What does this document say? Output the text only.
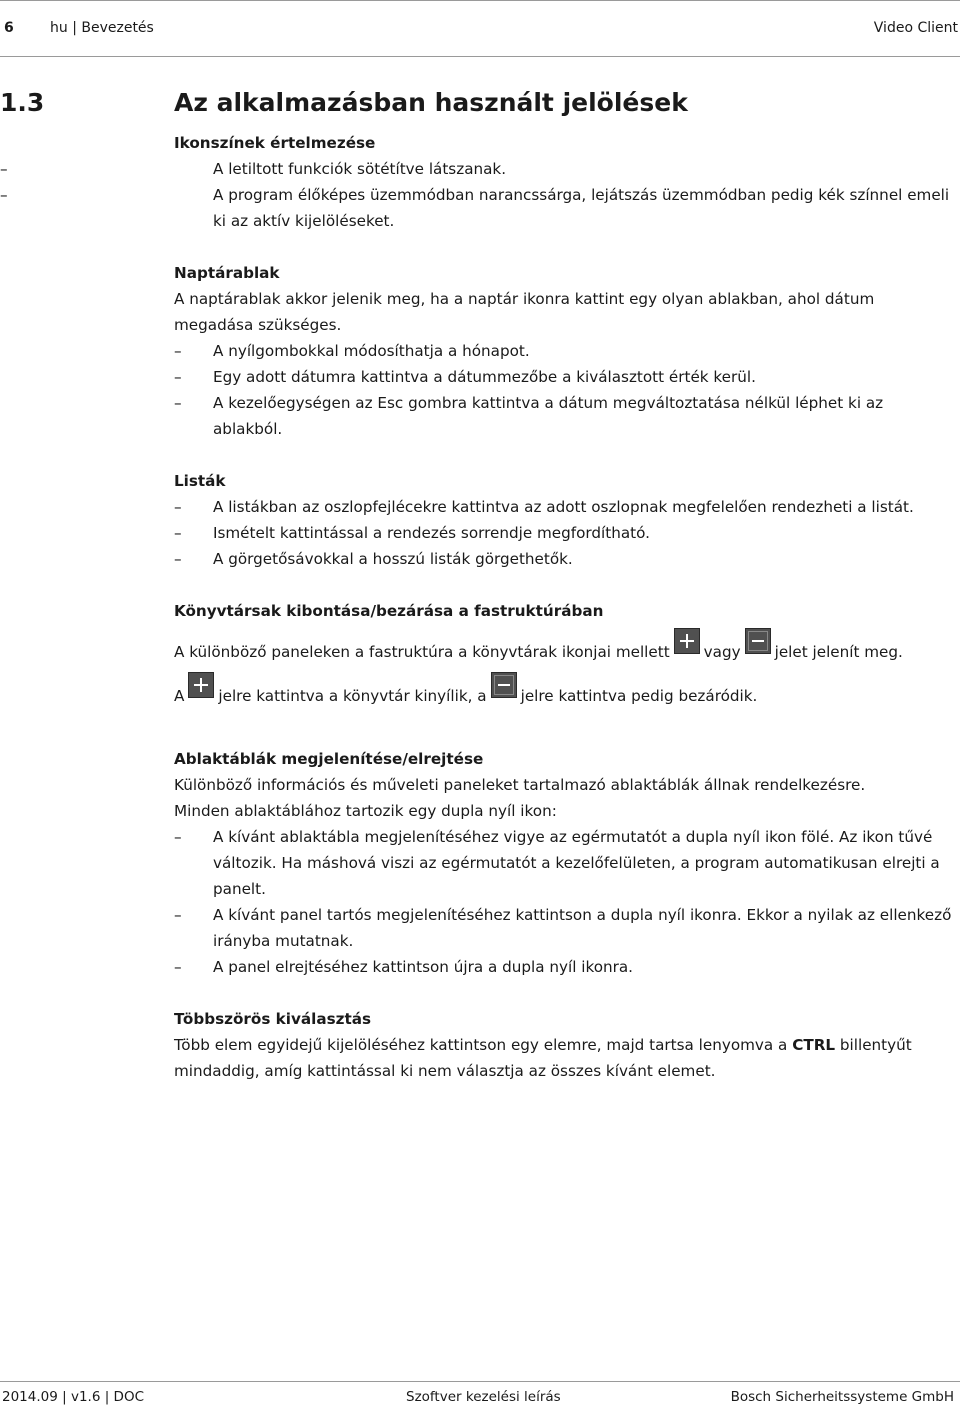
6	hu | Bevezetés	Video Client
1.3	Az alkalmazásban használt jelölések

Ikonszínek értelmezése

–	A letiltott funkciók sötétítve látszanak.
–	A program élőképes üzemmódban narancssárga, lejátszás üzemmódban pedig kék színnel emeli ki az aktív kijelöléseket.

Naptárablak

A naptárablak akkor jelenik meg, ha a naptár ikonra kattint egy olyan ablakban, ahol dátum megadása szükséges.

– A nyílgombokkal módosíthatja a hónapot.
– Egy adott dátumra kattintva a dátummezőbe a kiválasztott érték kerül.
– A kezelőegységen az Esc gombra kattintva a dátum megváltoztatása nélkül léphet ki az ablakból.

Listák

– A listákban az oszlopfejlécekre kattintva az adott oszlopnak megfelelően rendezheti a listát.
– Ismételt kattintással a rendezés sorrendje megfordítható.
– A görgetősávokkal a hosszú listák görgethetők.

Könyvtársak kibontása/bezárása a fastruktúrában

A különböző paneleken a fastruktúra a könyvtárak ikonjai mellett vagy jelet jelenít meg.

A jelre kattintva a könyvtár kinyílik, a jelre kattintva pedig bezáródik.

Ablaktáblák megjelenítése/elrejtése

Különböző információs és műveleti paneleket tartalmazó ablaktáblák állnak rendelkezésre.

Minden ablaktáblához tartozik egy dupla nyíl ikon:

– A kívánt ablaktábla megjelenítéséhez vigye az egérmutatót a dupla nyíl ikon fölé. Az ikon tűvé változik. Ha máshová viszi az egérmutatót a kezelőfelületen, a program automatikusan elrejti a panelt.
– A kívánt panel tartós megjelenítéséhez kattintson a dupla nyíl ikonra. Ekkor a nyilak az ellenkező irányba mutatnak.
– A panel elrejtéséhez kattintson újra a dupla nyíl ikonra.

Többszörös kiválasztás

Több elem egyidejű kijelöléséhez kattintson egy elemre, majd tartsa lenyomva a CTRL billentyűt mindaddig, amíg kattintással ki nem választja az összes kívánt elemet.

2014.09 | v1.6 | DOC	Szoftver kezelési leírás	Bosch Sicherheitssysteme GmbH
